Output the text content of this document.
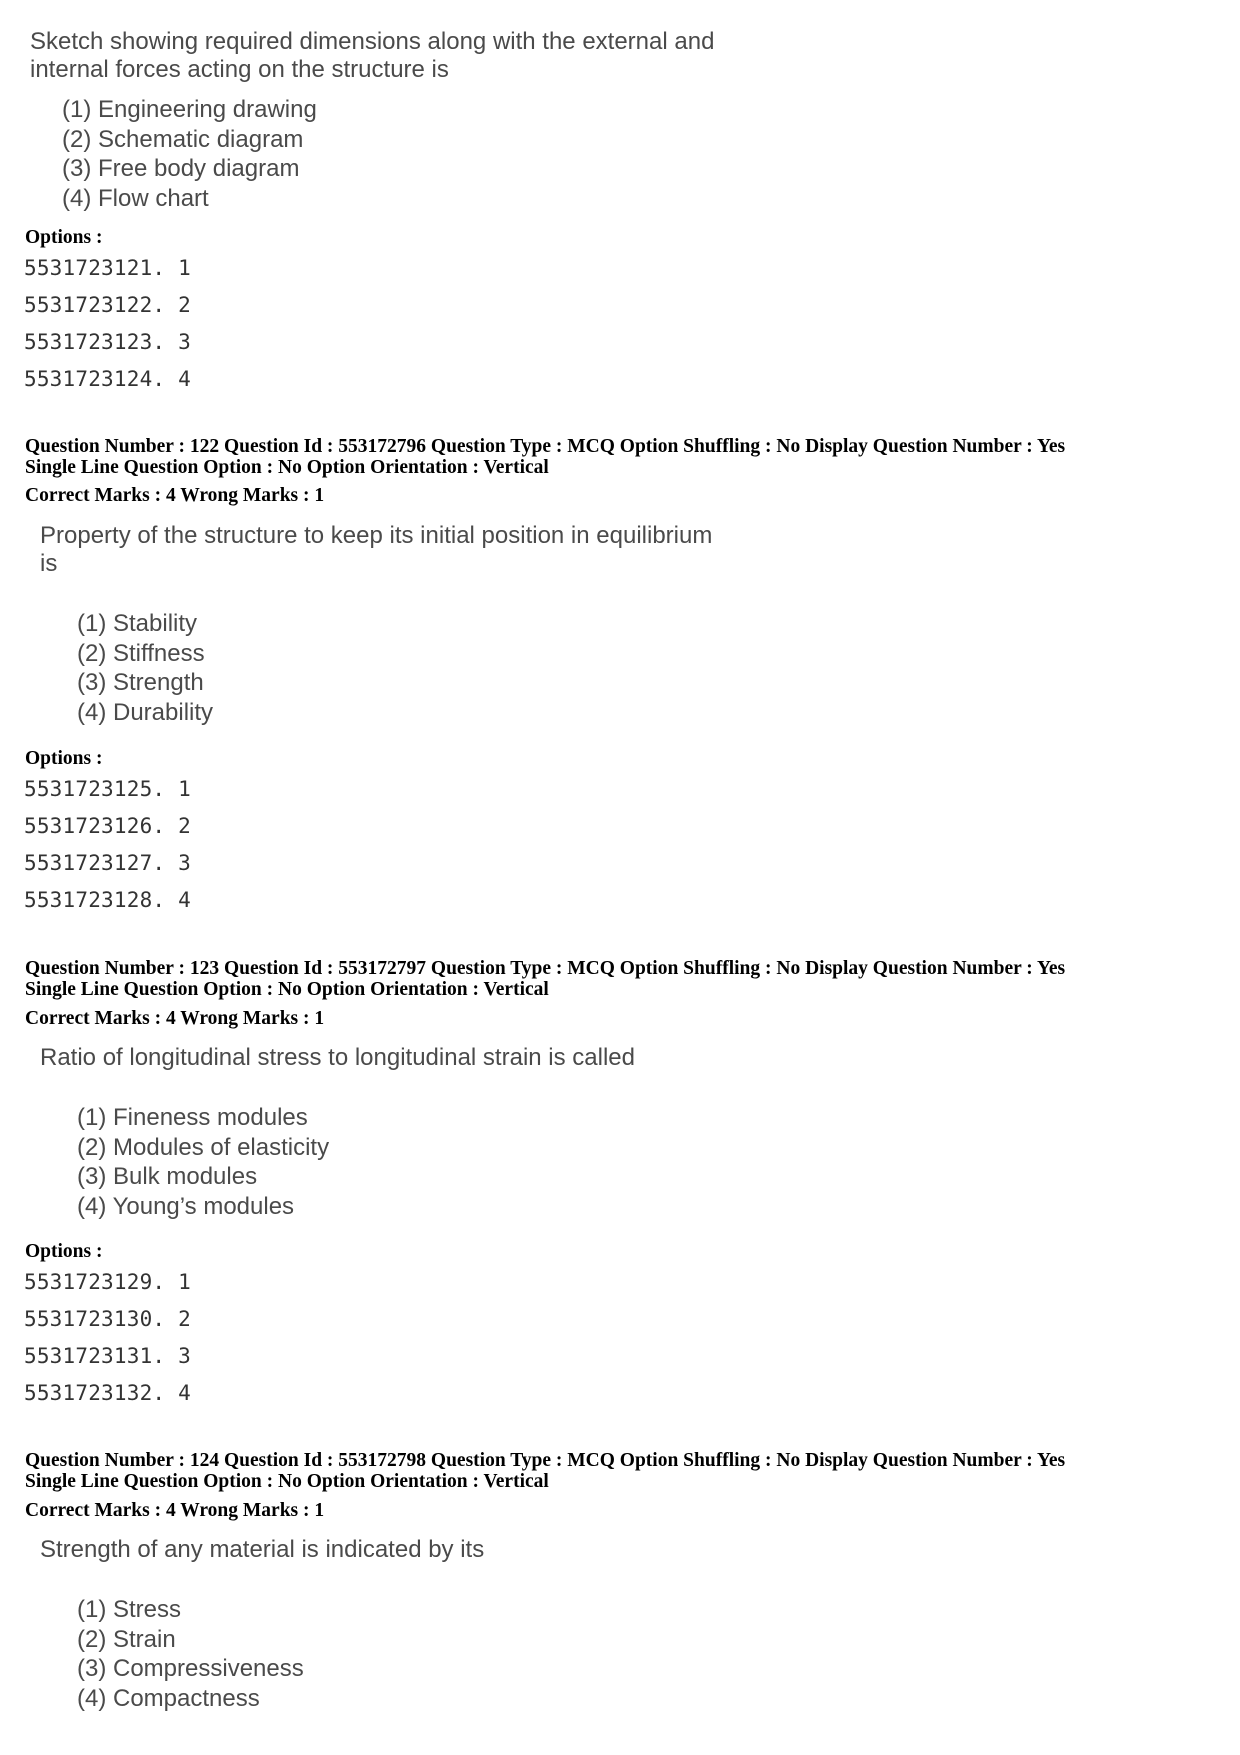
Sketch showing required dimensions along with the external and
internal forces acting on the structure is
(1) Engineering drawing
(2) Schematic diagram
(3) Free body diagram
(4) Flow chart
Options :
5531723121. 1
5531723122. 2
5531723123. 3
5531723124. 4
Question Number : 122 Question Id : 553172796 Question Type : MCQ Option Shuffling : No Display Question Number : Yes
Single Line Question Option : No Option Orientation : Vertical
Correct Marks : 4 Wrong Marks : 1
Property of the structure to keep its initial position in equilibrium
is
(1) Stability
(2) Stiffness
(3) Strength
(4) Durability
Options :
5531723125. 1
5531723126. 2
5531723127. 3
5531723128. 4
Question Number : 123 Question Id : 553172797 Question Type : MCQ Option Shuffling : No Display Question Number : Yes
Single Line Question Option : No Option Orientation : Vertical
Correct Marks : 4 Wrong Marks : 1
Ratio of longitudinal stress to longitudinal strain is called
(1) Fineness modules
(2) Modules of elasticity
(3) Bulk modules
(4) Young’s modules
Options :
5531723129. 1
5531723130. 2
5531723131. 3
5531723132. 4
Question Number : 124 Question Id : 553172798 Question Type : MCQ Option Shuffling : No Display Question Number : Yes
Single Line Question Option : No Option Orientation : Vertical
Correct Marks : 4 Wrong Marks : 1
Strength of any material is indicated by its
(1) Stress
(2) Strain
(3) Compressiveness
(4) Compactness
